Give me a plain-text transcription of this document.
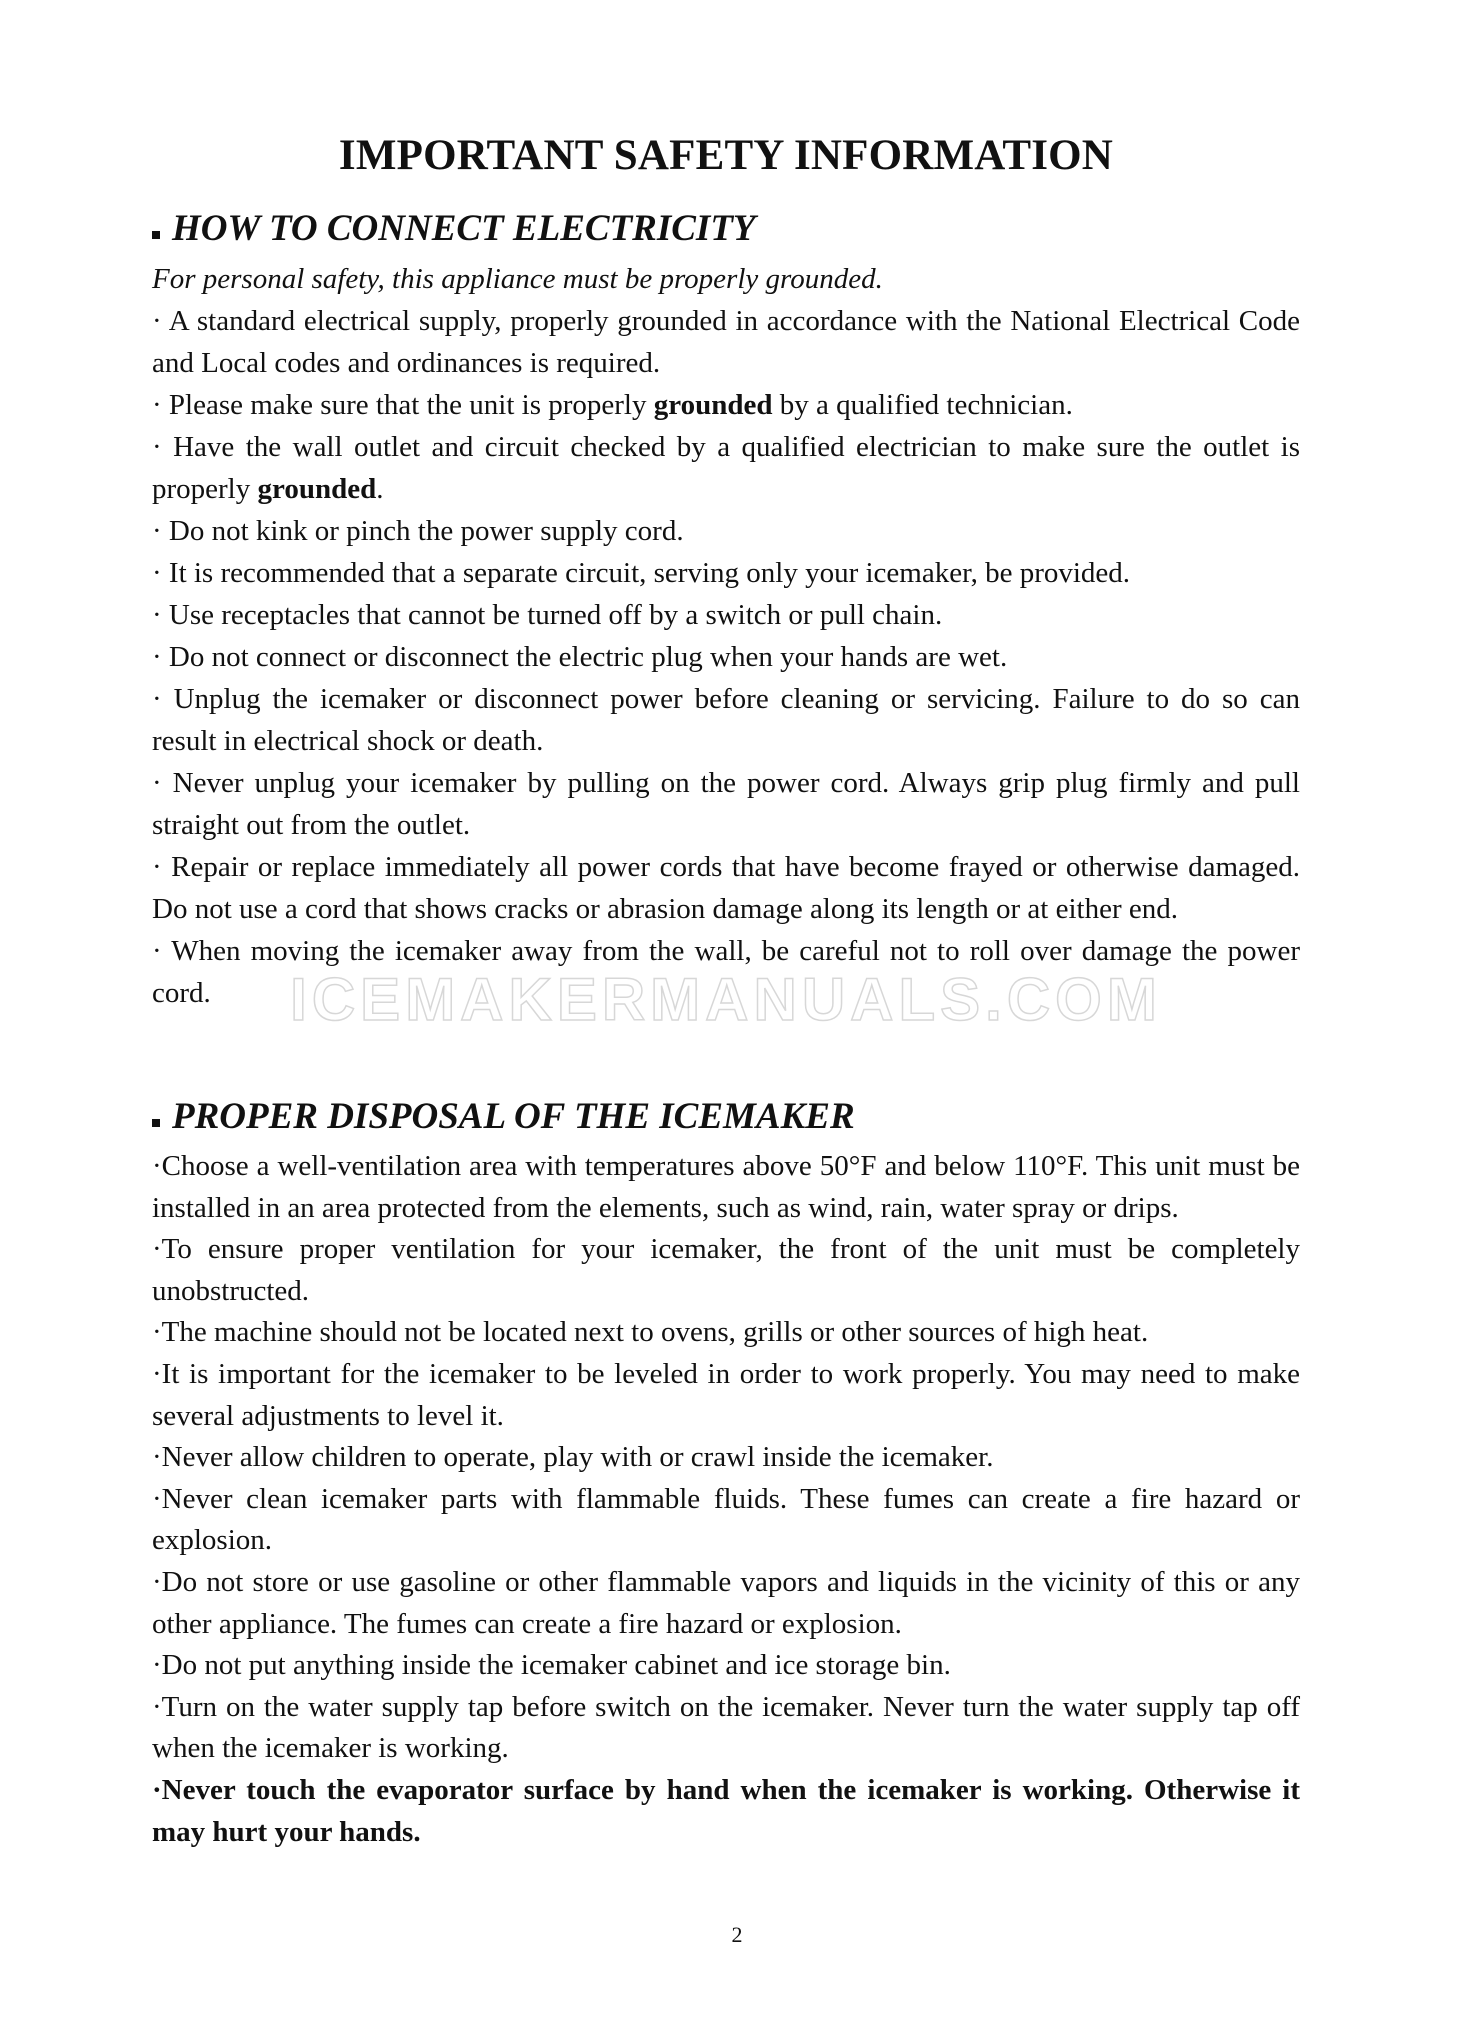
IMPORTANT SAFETY INFORMATION
HOW TO CONNECT ELECTRICITY

For personal safety, this appliance must be properly grounded.

· A standard electrical supply, properly grounded in accordance with the National Electrical Code and Local codes and ordinances is required.

· Please make sure that the unit is properly grounded by a qualified technician.

· Have the wall outlet and circuit checked by a qualified electrician to make sure the outlet is properly grounded.

· Do not kink or pinch the power supply cord.

· It is recommended that a separate circuit, serving only your icemaker, be provided.

· Use receptacles that cannot be turned off by a switch or pull chain.

· Do not connect or disconnect the electric plug when your hands are wet.

· Unplug the icemaker or disconnect power before cleaning or servicing. Failure to do so can result in electrical shock or death.

· Never unplug your icemaker by pulling on the power cord. Always grip plug firmly and pull straight out from the outlet.

· Repair or replace immediately all power cords that have become frayed or otherwise damaged. Do not use a cord that shows cracks or abrasion damage along its length or at either end.

· When moving the icemaker away from the wall, be careful not to roll over damage the power cord.

PROPER DISPOSAL OF THE ICEMAKER

·Choose a well-ventilation area with temperatures above 50°F and below 110°F. This unit must be installed in an area protected from the elements, such as wind, rain, water spray or drips.

·To ensure proper ventilation for your icemaker, the front of the unit must be completely unobstructed.

·The machine should not be located next to ovens, grills or other sources of high heat.

·It is important for the icemaker to be leveled in order to work properly. You may need to make several adjustments to level it.

·Never allow children to operate, play with or crawl inside the icemaker.

·Never clean icemaker parts with flammable fluids. These fumes can create a fire hazard or explosion.

·Do not store or use gasoline or other flammable vapors and liquids in the vicinity of this or any other appliance. The fumes can create a fire hazard or explosion.

·Do not put anything inside the icemaker cabinet and ice storage bin.

·Turn on the water supply tap before switch on the icemaker. Never turn the water supply tap off when the icemaker is working.

·Never touch the evaporator surface by hand when the icemaker is working. Otherwise it may hurt your hands.

ICEMAKERMANUALS.COM
2
